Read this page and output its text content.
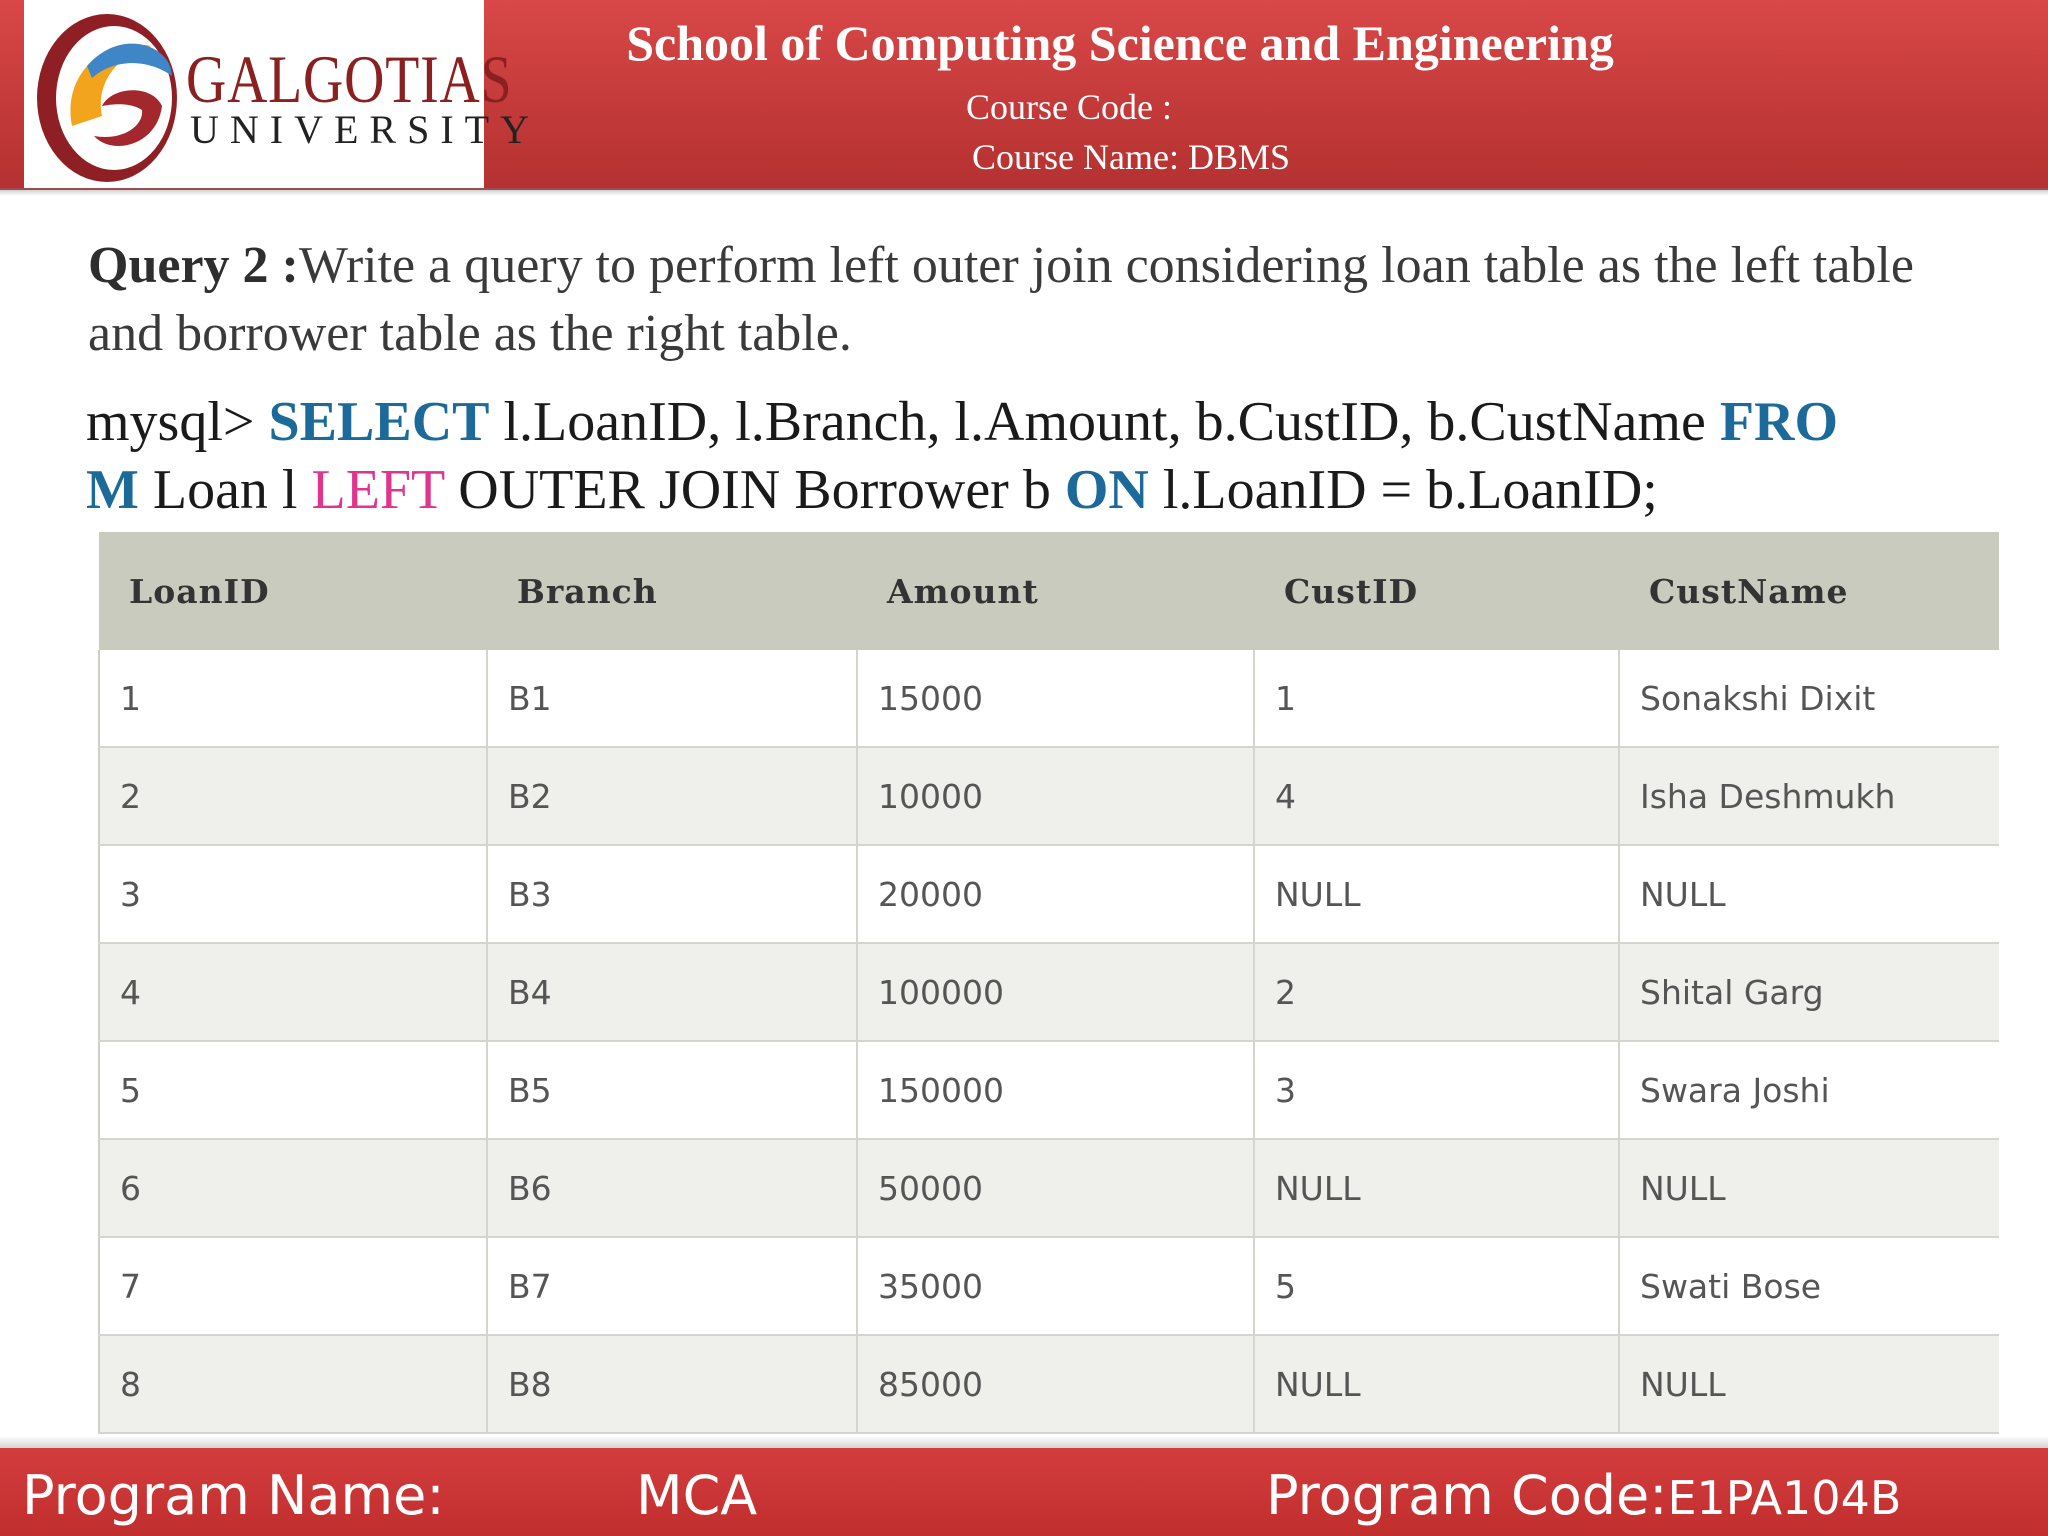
GALGOTIAS
UNIVERSITY
School of Computing Science and Engineering
Course Code :
Course Name: DBMS
Query 2 :Write a query to perform left outer join considering loan table as the left table and borrower table as the right table.
mysql> SELECT l.LoanID, l.Branch, l.Amount, b.CustID, b.CustName FRO
M Loan l LEFT OUTER JOIN Borrower b ON l.LoanID = b.LoanID;
LoanID	Branch	Amount	CustID	CustName
1	B1	15000	1	Sonakshi Dixit
2	B2	10000	4	Isha Deshmukh
3	B3	20000	NULL	NULL
4	B4	100000	2	Shital Garg
5	B5	150000	3	Swara Joshi
6	B6	50000	NULL	NULL
7	B7	35000	5	Swati Bose
8	B8	85000	NULL	NULL
Program Name:	MCA	Program Code:E1PA104B
